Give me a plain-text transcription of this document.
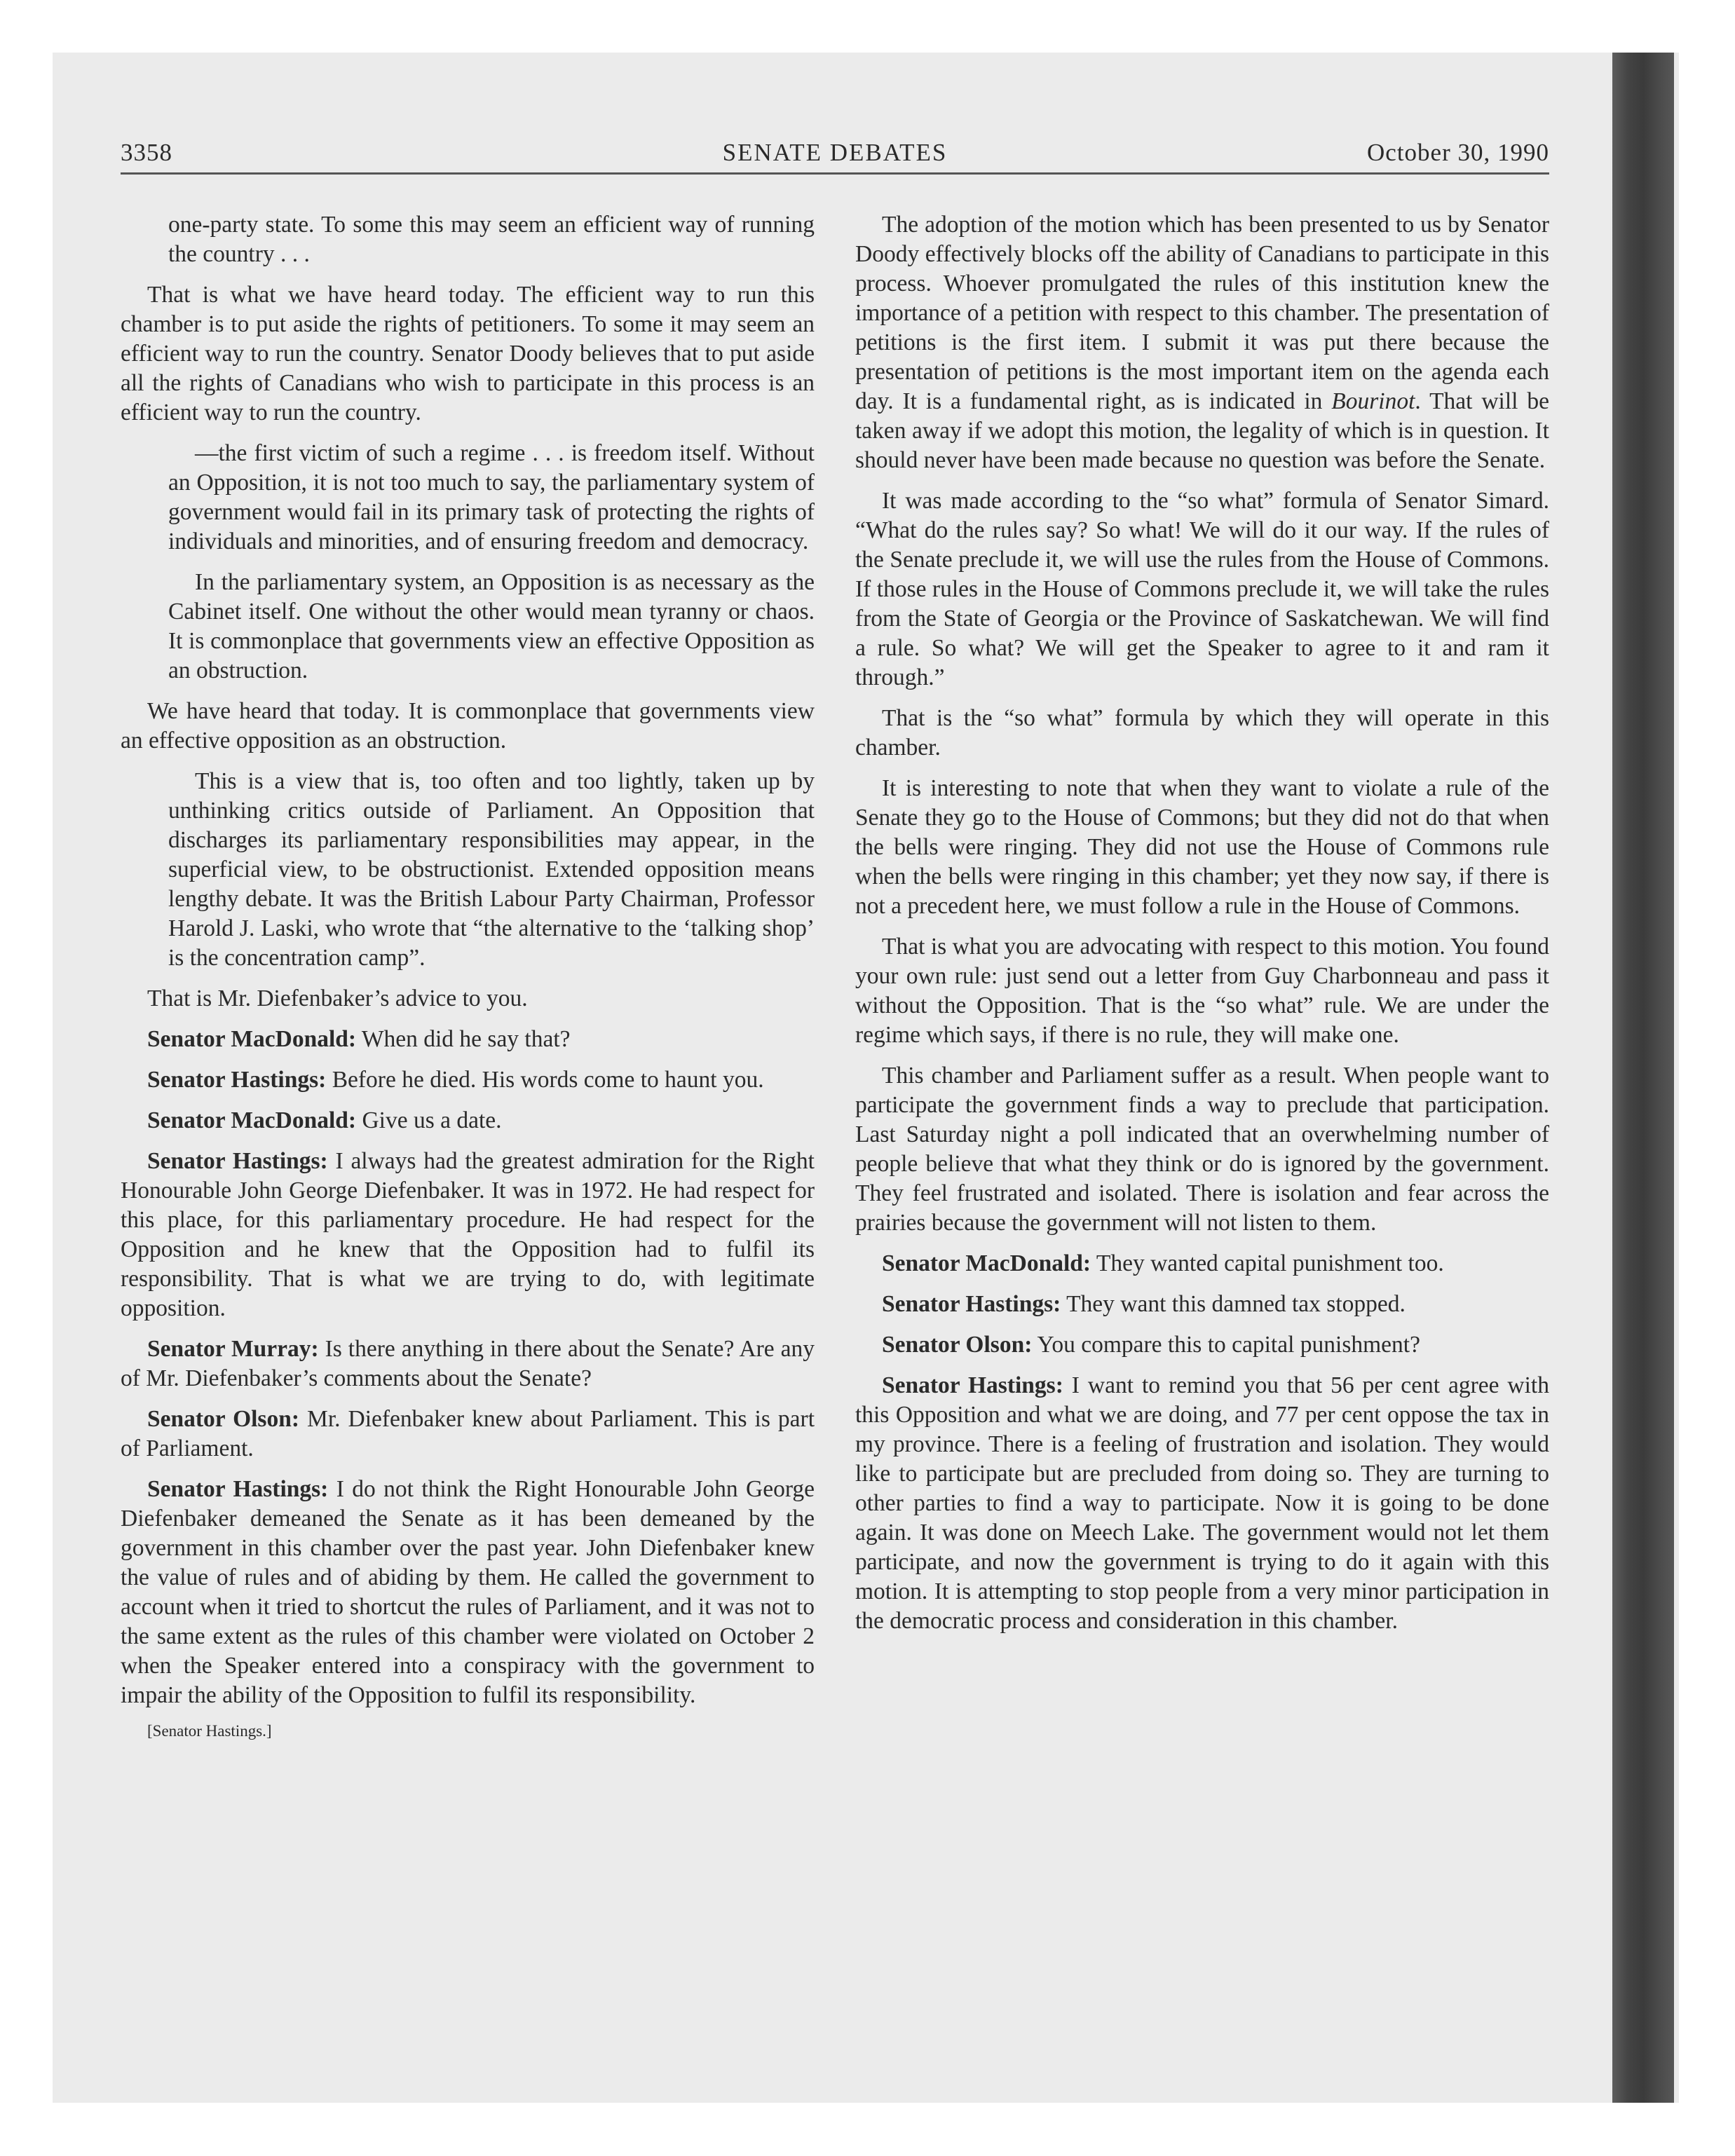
3358	SENATE DEBATES	October 30, 1990

one-party state. To some this may seem an efficient way of running the country . . .

That is what we have heard today. The efficient way to run this chamber is to put aside the rights of petitioners. To some it may seem an efficient way to run the country. Senator Doody believes that to put aside all the rights of Canadians who wish to participate in this process is an efficient way to run the country.

—the first victim of such a regime . . . is freedom itself. Without an Opposition, it is not too much to say, the parliamentary system of government would fail in its primary task of protecting the rights of individuals and minorities, and of ensuring freedom and democracy.

In the parliamentary system, an Opposition is as necessary as the Cabinet itself. One without the other would mean tyranny or chaos. It is commonplace that governments view an effective Opposition as an obstruction.

We have heard that today. It is commonplace that governments view an effective opposition as an obstruction.

This is a view that is, too often and too lightly, taken up by unthinking critics outside of Parliament. An Opposition that discharges its parliamentary responsibilities may appear, in the superficial view, to be obstructionist. Extended opposition means lengthy debate. It was the British Labour Party Chairman, Professor Harold J. Laski, who wrote that “the alternative to the ‘talking shop’ is the concentration camp”.

That is Mr. Diefenbaker’s advice to you.

Senator MacDonald: When did he say that?

Senator Hastings: Before he died. His words come to haunt you.

Senator MacDonald: Give us a date.

Senator Hastings: I always had the greatest admiration for the Right Honourable John George Diefenbaker. It was in 1972. He had respect for this place, for this parliamentary procedure. He had respect for the Opposition and he knew that the Opposition had to fulfil its responsibility. That is what we are trying to do, with legitimate opposition.

Senator Murray: Is there anything in there about the Senate? Are any of Mr. Diefenbaker’s comments about the Senate?

Senator Olson: Mr. Diefenbaker knew about Parliament. This is part of Parliament.

Senator Hastings: I do not think the Right Honourable John George Diefenbaker demeaned the Senate as it has been demeaned by the government in this chamber over the past year. John Diefenbaker knew the value of rules and of abiding by them. He called the government to account when it tried to shortcut the rules of Parliament, and it was not to the same extent as the rules of this chamber were violated on October 2 when the Speaker entered into a conspiracy with the government to impair the ability of the Opposition to fulfil its responsibility.

[Senator Hastings.]

The adoption of the motion which has been presented to us by Senator Doody effectively blocks off the ability of Canadians to participate in this process. Whoever promulgated the rules of this institution knew the importance of a petition with respect to this chamber. The presentation of petitions is the first item. I submit it was put there because the presentation of petitions is the most important item on the agenda each day. It is a fundamental right, as is indicated in Bourinot. That will be taken away if we adopt this motion, the legality of which is in question. It should never have been made because no question was before the Senate.

It was made according to the “so what” formula of Senator Simard. “What do the rules say? So what! We will do it our way. If the rules of the Senate preclude it, we will use the rules from the House of Commons. If those rules in the House of Commons preclude it, we will take the rules from the State of Georgia or the Province of Saskatchewan. We will find a rule. So what? We will get the Speaker to agree to it and ram it through.”

That is the “so what” formula by which they will operate in this chamber.

It is interesting to note that when they want to violate a rule of the Senate they go to the House of Commons; but they did not do that when the bells were ringing. They did not use the House of Commons rule when the bells were ringing in this chamber; yet they now say, if there is not a precedent here, we must follow a rule in the House of Commons.

That is what you are advocating with respect to this motion. You found your own rule: just send out a letter from Guy Charbonneau and pass it without the Opposition. That is the “so what” rule. We are under the regime which says, if there is no rule, they will make one.

This chamber and Parliament suffer as a result. When people want to participate the government finds a way to preclude that participation. Last Saturday night a poll indicated that an overwhelming number of people believe that what they think or do is ignored by the government. They feel frustrated and isolated. There is isolation and fear across the prairies because the government will not listen to them.

Senator MacDonald: They wanted capital punishment too.

Senator Hastings: They want this damned tax stopped.

Senator Olson: You compare this to capital punishment?

Senator Hastings: I want to remind you that 56 per cent agree with this Opposition and what we are doing, and 77 per cent oppose the tax in my province. There is a feeling of frustration and isolation. They would like to participate but are precluded from doing so. They are turning to other parties to find a way to participate. Now it is going to be done again. It was done on Meech Lake. The government would not let them participate, and now the government is trying to do it again with this motion. It is attempting to stop people from a very minor participation in the democratic process and consideration in this chamber.
